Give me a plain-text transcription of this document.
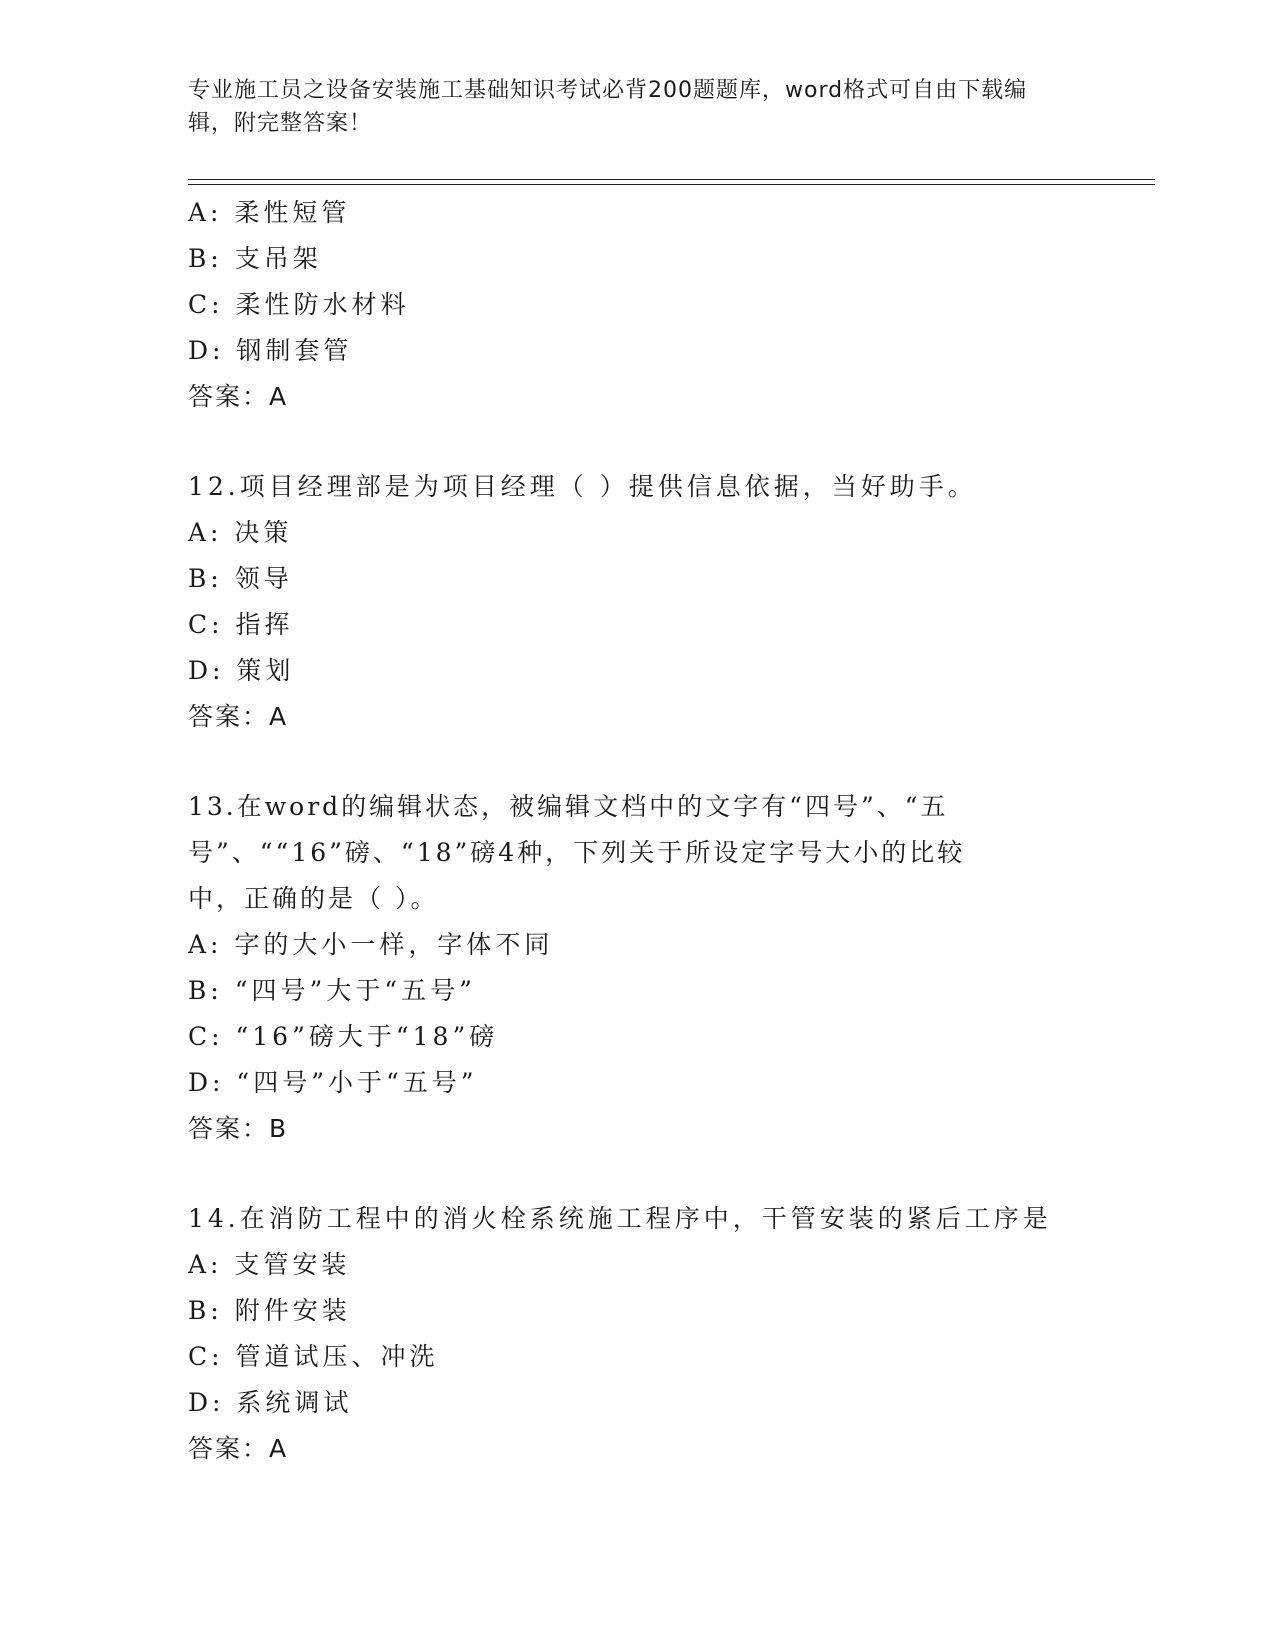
专业施工员之设备安装施工基础知识考试必背200题题库，word格式可自由下载编辑，附完整答案！
A: 柔性短管
B: 支吊架
C: 柔性防水材料
D: 钢制套管
答案：A
12.项目经理部是为项目经理（ ）提供信息依据，当好助手。
A: 决策
B: 领导
C: 指挥
D: 策划
答案：A
13.在word的编辑状态，被编辑文档中的文字有“四号”、“五号”、““16”磅、“18”磅4种，下列关于所设定字号大小的比较中，正确的是（ ）。
A: 字的大小一样，字体不同
B: “四号”大于“五号”
C: “16”磅大于“18”磅
D: “四号”小于“五号”
答案：B
14.在消防工程中的消火栓系统施工程序中，干管安装的紧后工序是
A: 支管安装
B: 附件安装
C: 管道试压、冲洗
D: 系统调试
答案：A
